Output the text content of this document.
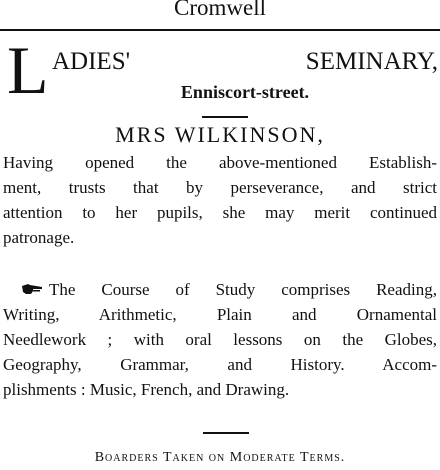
Cromwell
L ADIES' SEMINARY,
Enniscort-street.
MRS WILKINSON,
Having opened the above-mentioned Establish-
ment, trusts that by perseverance, and strict
attention to her pupils, she may merit continued
patronage.
The Course of Study comprises Reading,
Writing, Arithmetic, Plain and Ornamental
Needlework ; with oral lessons on the Globes,
Geography, Grammar, and History. Accom-
plishments : Music, French, and Drawing.
Boarders Taken on Moderate Terms.
